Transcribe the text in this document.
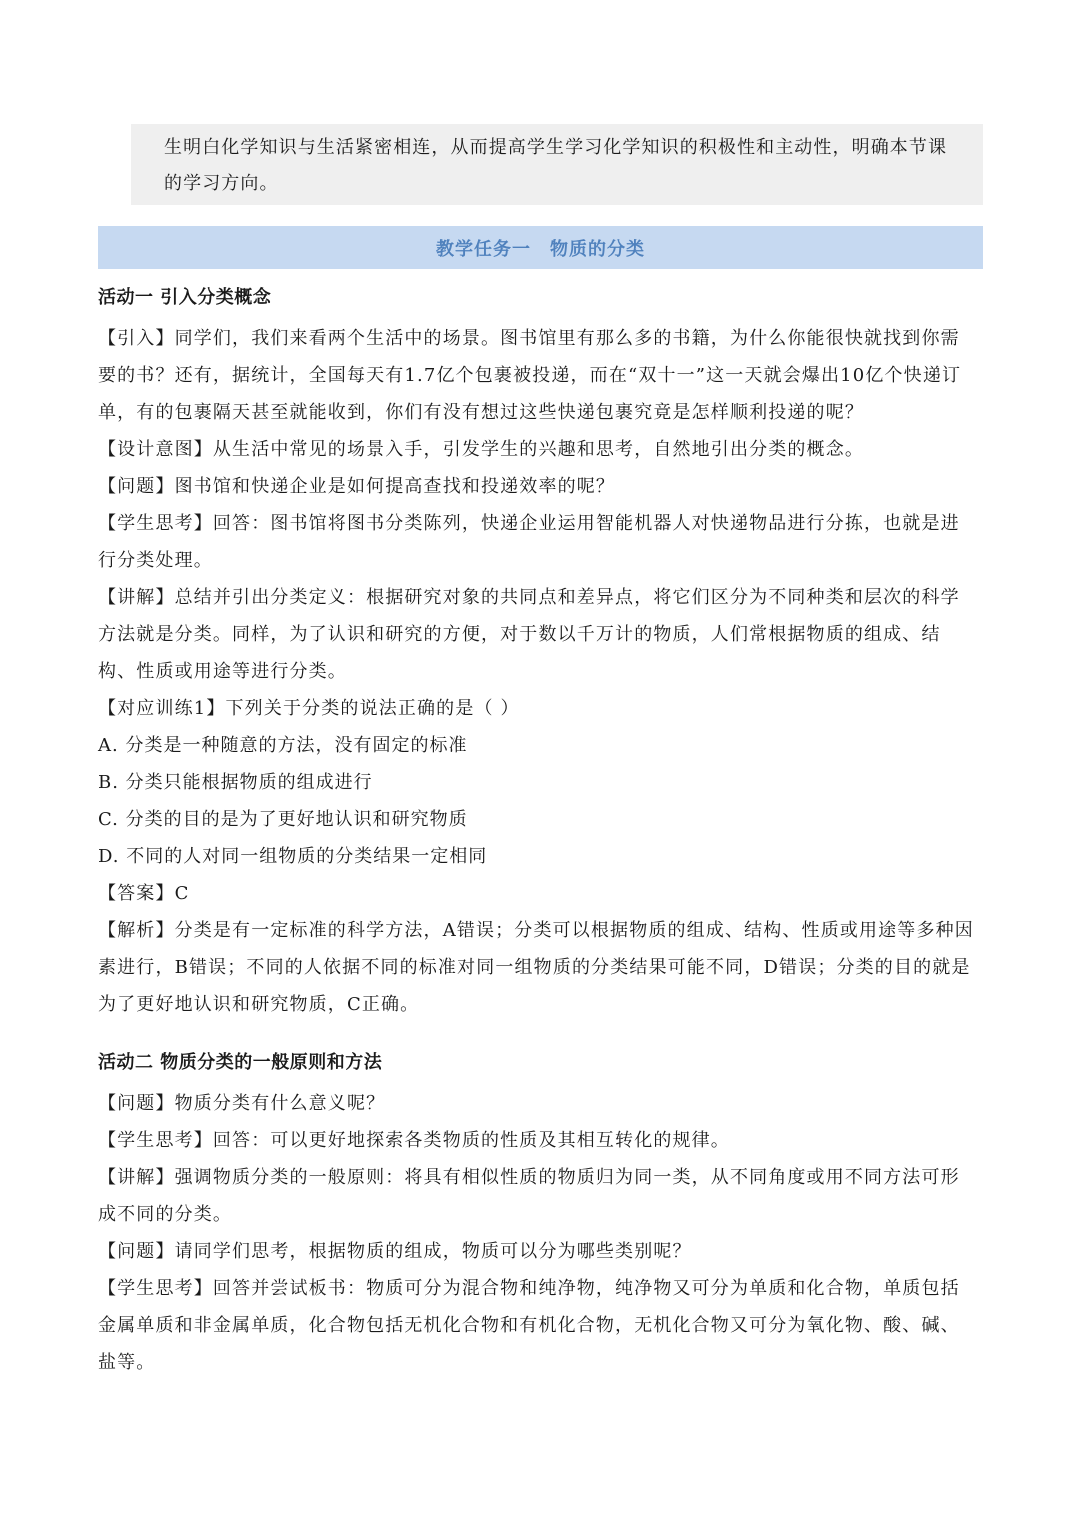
生明白化学知识与生活紧密相连，从而提高学生学习化学知识的积极性和主动性，明确本节课的学习方向。

教学任务一　物质的分类

活动一 引入分类概念

【引入】同学们，我们来看两个生活中的场景。图书馆里有那么多的书籍，为什么你能很快就找到你需要的书？还有，据统计，全国每天有1.7亿个包裹被投递，而在“双十一”这一天就会爆出10亿个快递订单，有的包裹隔天甚至就能收到，你们有没有想过这些快递包裹究竟是怎样顺利投递的呢？

【设计意图】从生活中常见的场景入手，引发学生的兴趣和思考，自然地引出分类的概念。

【问题】图书馆和快递企业是如何提高查找和投递效率的呢？

【学生思考】回答：图书馆将图书分类陈列，快递企业运用智能机器人对快递物品进行分拣，也就是进行分类处理。

【讲解】总结并引出分类定义：根据研究对象的共同点和差异点，将它们区分为不同种类和层次的科学方法就是分类。同样，为了认识和研究的方便，对于数以千万计的物质，人们常根据物质的组成、结构、性质或用途等进行分类。

【对应训练1】下列关于分类的说法正确的是（ ）

A. 分类是一种随意的方法，没有固定的标准

B. 分类只能根据物质的组成进行

C. 分类的目的是为了更好地认识和研究物质

D. 不同的人对同一组物质的分类结果一定相同

【答案】C

【解析】分类是有一定标准的科学方法，A错误；分类可以根据物质的组成、结构、性质或用途等多种因素进行，B错误；不同的人依据不同的标准对同一组物质的分类结果可能不同，D错误；分类的目的就是为了更好地认识和研究物质，C正确。

活动二 物质分类的一般原则和方法

【问题】物质分类有什么意义呢？

【学生思考】回答：可以更好地探索各类物质的性质及其相互转化的规律。

【讲解】强调物质分类的一般原则：将具有相似性质的物质归为同一类，从不同角度或用不同方法可形成不同的分类。

【问题】请同学们思考，根据物质的组成，物质可以分为哪些类别呢？

【学生思考】回答并尝试板书：物质可分为混合物和纯净物，纯净物又可分为单质和化合物，单质包括金属单质和非金属单质，化合物包括无机化合物和有机化合物，无机化合物又可分为氧化物、酸、碱、盐等。
